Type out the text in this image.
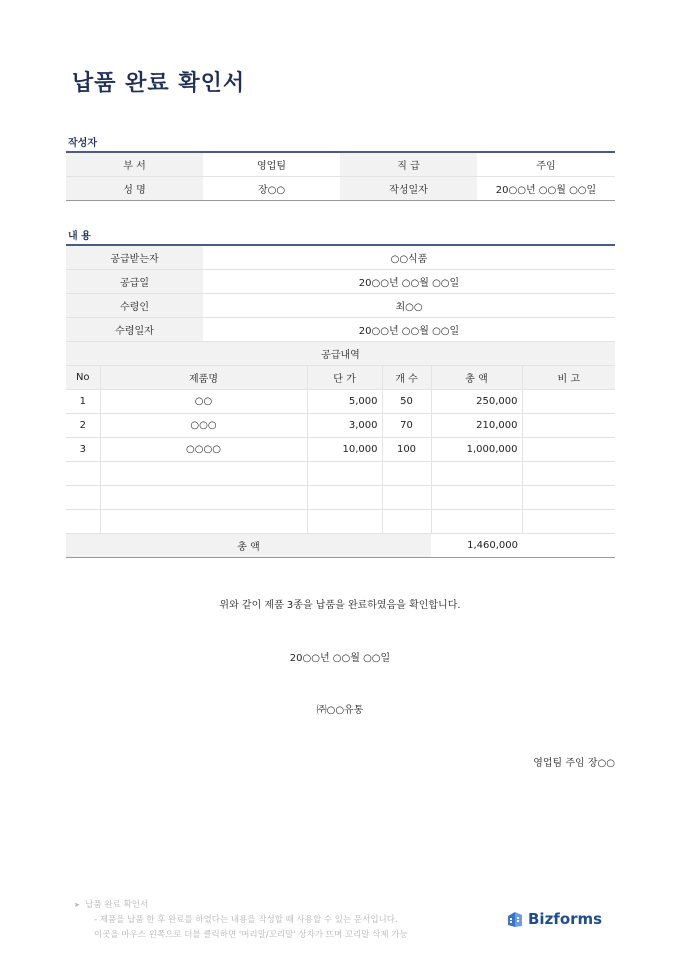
납품 완료 확인서
작성자
부 서	영업팀	직 급	주임
성 명	장○○	작성일자	20○○년 ○○월 ○○일
내 용
공급받는자	○○식품
공급일	20○○년 ○○월 ○○일
수령인	최○○
수령일자	20○○년 ○○월 ○○일
공급내역	
No	제품명	단 가	개 수	총 액	비 고
1	○○	5,000	50	250,000	
2	○○○	3,000	70	210,000	
3	○○○○	10,000	100	1,000,000	

총 액				1,460,000	
위와 같이 제품 3종을 납품을 완료하였음을 확인합니다.
20○○년 ○○월 ○○일
㈜○○유통
영업팀 주임 장○○
➤ 납품 완료 확인서
- 제품을 납품 한 후 완료를 하였다는 내용을 작성할 때 사용할 수 있는 문서입니다.
이곳을 마우스 왼쪽으로 더블 클릭하면 '머리말/꼬리말' 상자가 뜨며 꼬리말 삭제 가능
Bizforms
